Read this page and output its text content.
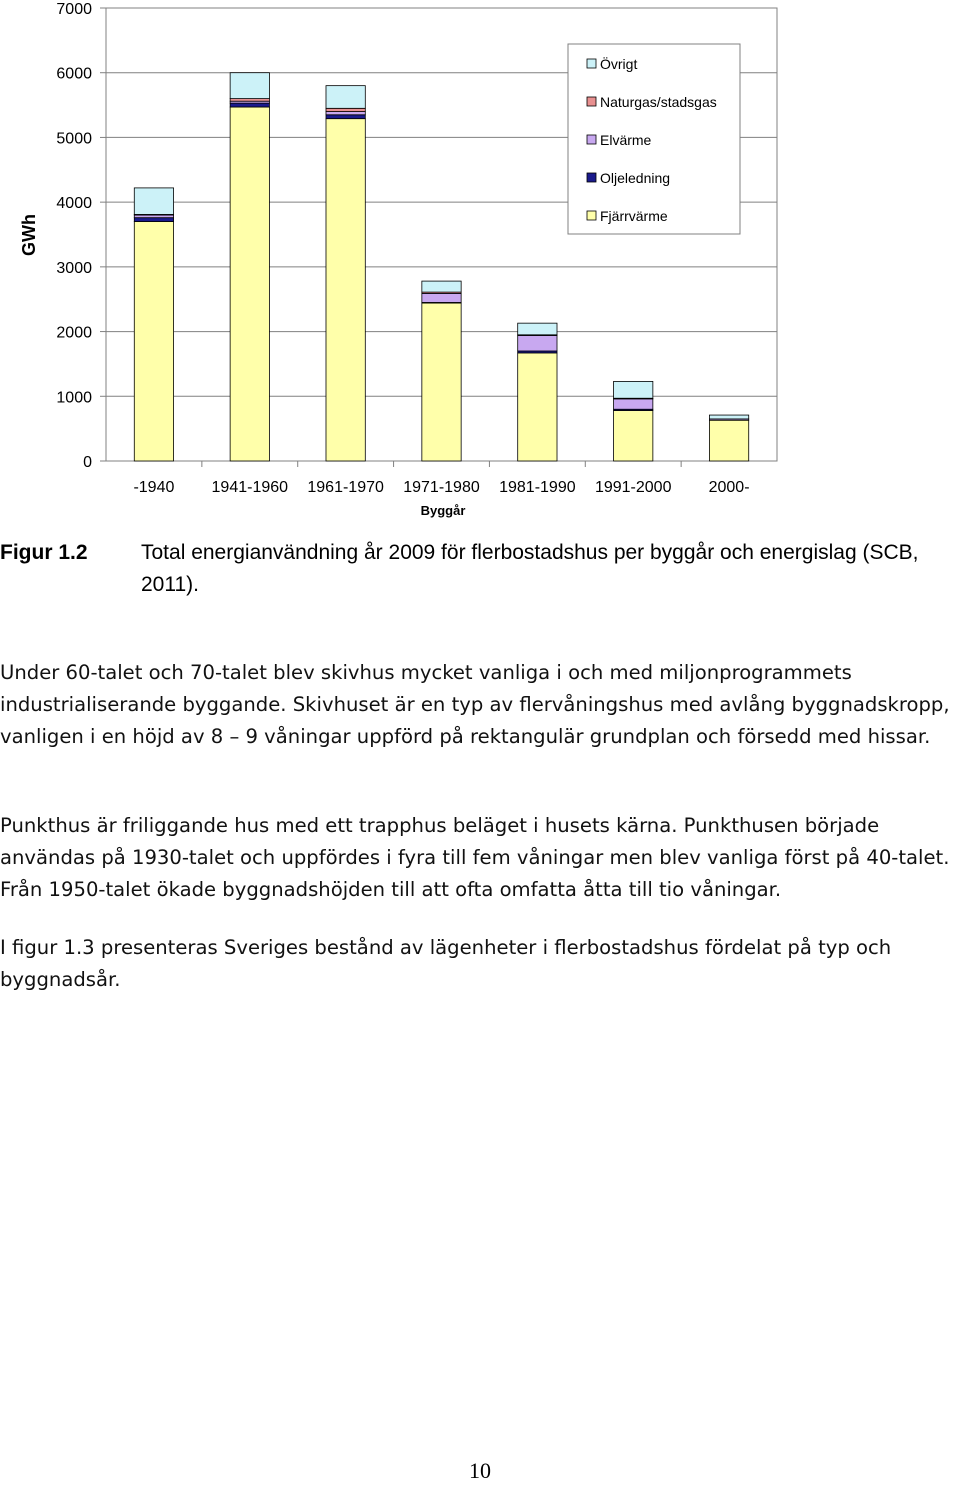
0
1000
2000
3000
4000
5000
6000
7000
-1940 1941-1960 1961-1970 1971-1980 1981-1990 1991-2000 2000-
GWh
Byggår
Övrigt
Naturgas/stadsgas
Elvärme
Oljeledning
Fjärrvärme
Figur 1.2	Total energianvändning år 2009 för flerbostadshus per byggår och energislag (SCB, 2011).

Under 60-talet och 70-talet blev skivhus mycket vanliga i och med miljonprogrammets industrialiserande byggande. Skivhuset är en typ av flervåningshus med avlång byggnadskropp, vanligen i en höjd av 8 – 9 våningar uppförd på rektangulär grundplan och försedd med hissar.

Punkthus är friliggande hus med ett trapphus beläget i husets kärna. Punkthusen började användas på 1930-talet och uppfördes i fyra till fem våningar men blev vanliga först på 40-talet. Från 1950-talet ökade byggnadshöjden till att ofta omfatta åtta till tio våningar.

I figur 1.3 presenteras Sveriges bestånd av lägenheter i flerbostadshus fördelat på typ och byggnadsår.

10
